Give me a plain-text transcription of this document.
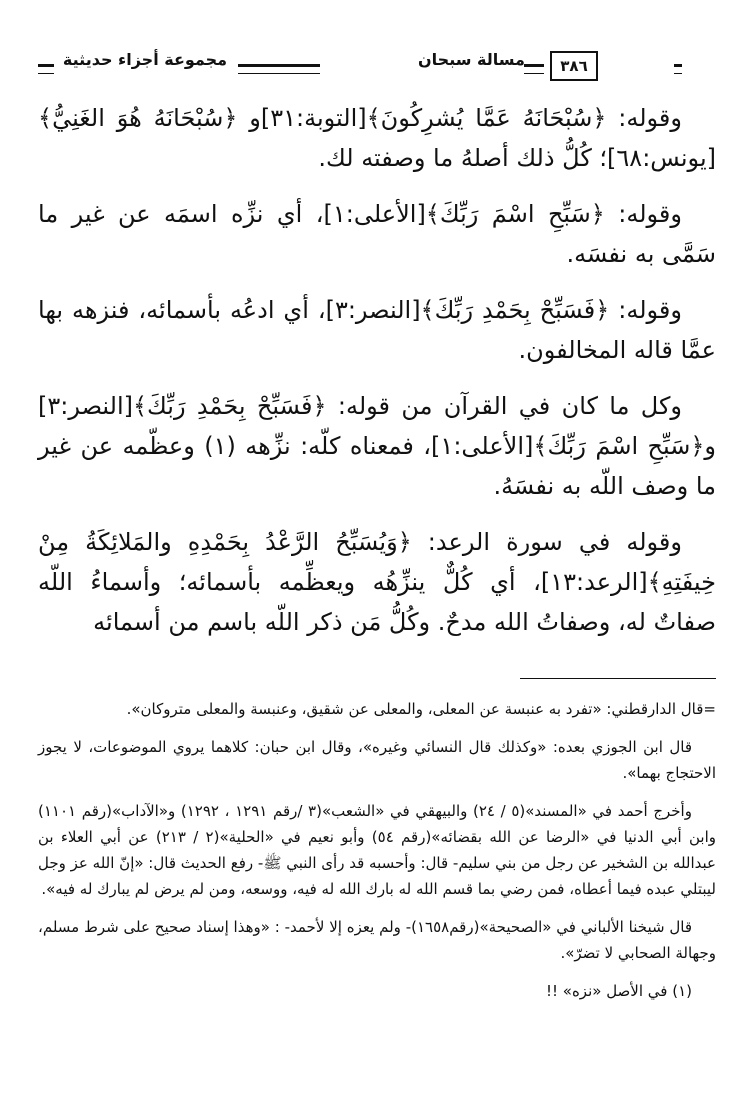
مجموعة أجزاء حديثية	مسالة سبحان	٣٨٦

وقوله: ﴿سُبْحَانَهُ عَمَّا يُشرِكُونَ﴾[التوبة:٣١]و ﴿سُبْحَانَهُ هُوَ الغَنِيُّ﴾[يونس:٦٨]؛ كُلُّ ذلك أصلهُ ما وصفته لك.

وقوله: ﴿سَبِّحِ اسْمَ رَبِّكَ﴾[الأعلى:١]، أي نزِّه اسمَه عن غير ما سَمَّى به نفسَه.

وقوله: ﴿فَسَبِّحْ بِحَمْدِ رَبِّكَ﴾[النصر:٣]، أي ادعُه بأسمائه، فنزهه بها عمَّا قاله المخالفون.

وكل ما كان في القرآن من قوله: ﴿فَسَبِّحْ بِحَمْدِ رَبِّكَ﴾[النصر:٣] و﴿سَبِّحِ اسْمَ رَبِّكَ﴾[الأعلى:١]، فمعناه كلّه: نزِّهه (١) وعظّمه عن غير ما وصف اللّه به نفسَهُ.

وقوله في سورة الرعد: ﴿وَيُسَبِّحُ الرَّعْدُ بِحَمْدِهِ والمَلائِكَةُ مِنْ خِيفَتِهِ﴾[الرعد:١٣]، أي كُلٌّ ينزِّهُه ويعظِّمه بأسمائه؛ وأسماءُ اللّه صفاتٌ له، وصفاتُ الله مدحٌ. وكُلُّ مَن ذكر اللّه باسم من أسمائه

=قال الدارقطني: «تفرد به عنبسة عن المعلى، والمعلى عن شقيق، وعنبسة والمعلى متروكان».

قال ابن الجوزي بعده: «وكذلك قال النسائي وغيره»، وقال ابن حبان: كلاهما يروي الموضوعات، لا يجوز الاحتجاج بهما».

وأخرج أحمد في «المسند»(٥ / ٢٤) والبيهقي في «الشعب»(٣ /رقم ١٢٩١ ، ١٢٩٢) و«الآداب»(رقم ١١٠١) وابن أبي الدنيا في «الرضا عن الله بقضائه»(رقم ٥٤) وأبو نعيم في «الحلية»(٢ / ٢١٣) عن أبي العلاء بن عبدالله بن الشخير عن رجل من بني سليم- قال: وأحسبه قد رأى النبي ﷺ- رفع الحديث قال: «إنّ الله عز وجل ليبتلي عبده فيما أعطاه، فمن رضي بما قسم الله له بارك الله له فيه، ووسعه، ومن لم يرض لم يبارك له فيه».

قال شيخنا الألباني في «الصحيحة»(رقم١٦٥٨)- ولم يعزه إلا لأحمد- : «وهذا إسناد صحيح على شرط مسلم، وجهالة الصحابي لا تضرّ».

(١) في الأصل «نزه» !!
